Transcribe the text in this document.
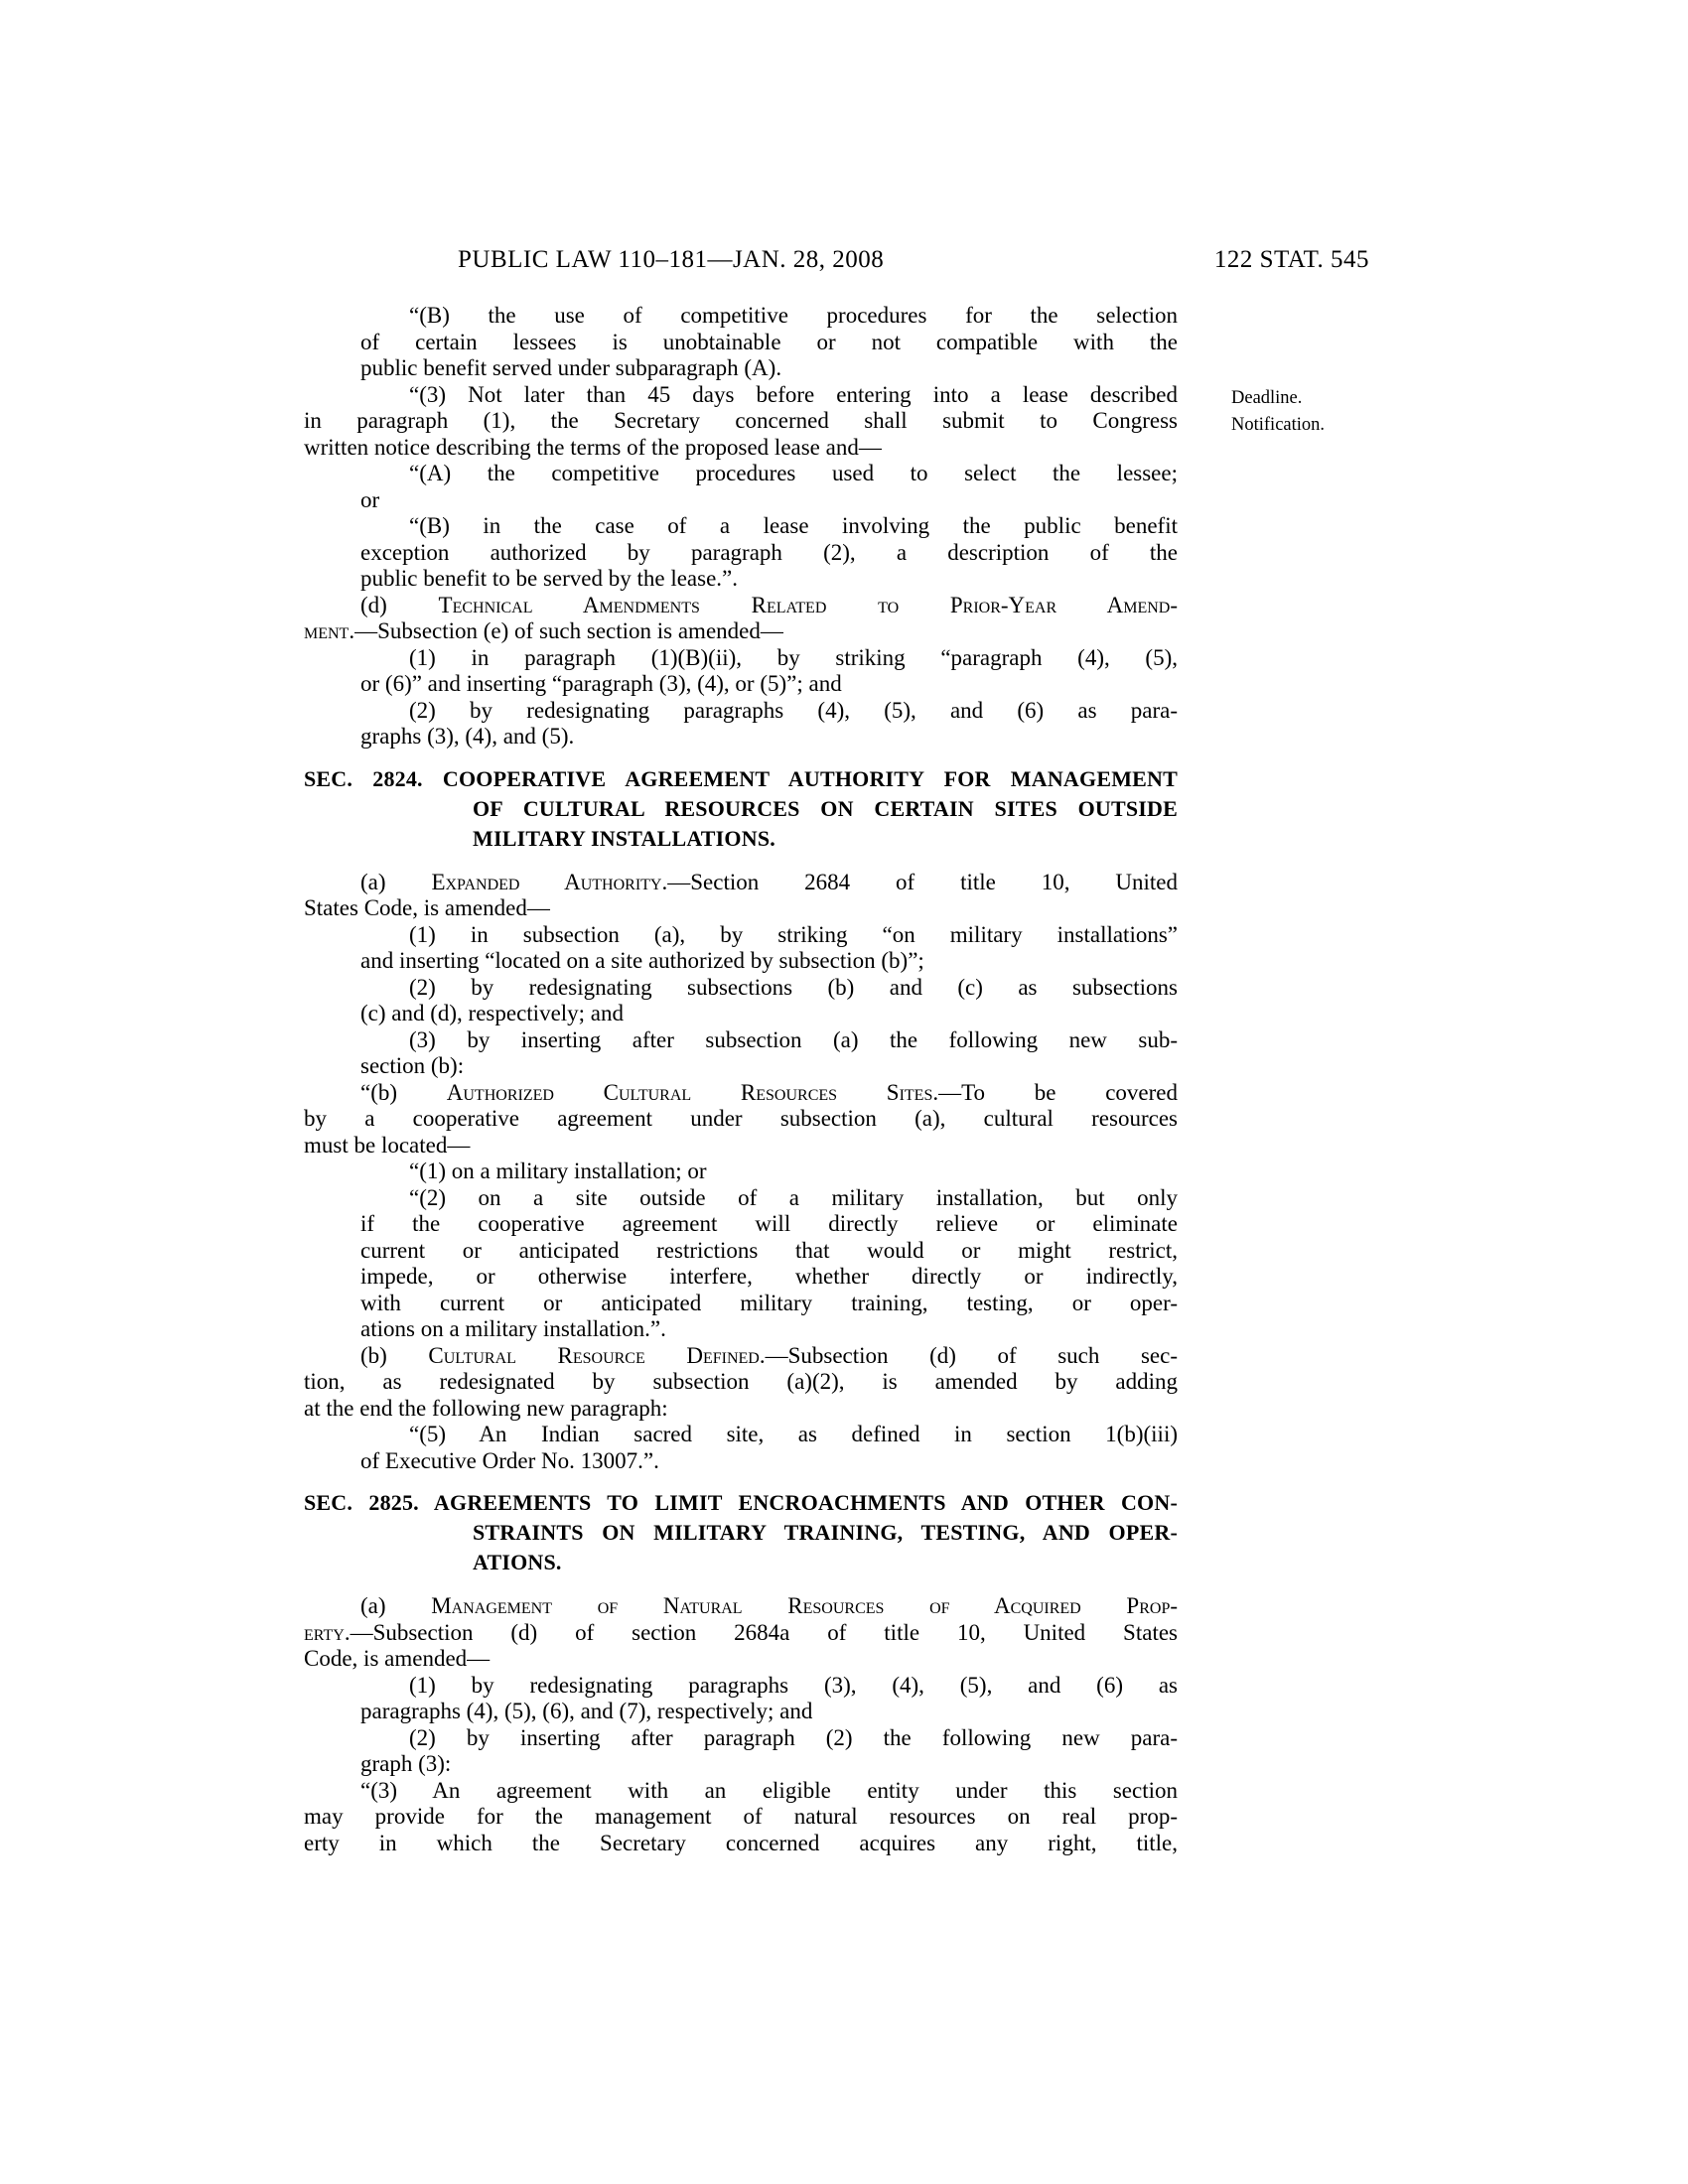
PUBLIC LAW 110–181—JAN. 28, 2008	122 STAT. 545
“(B) the use of competitive procedures for the selection
of certain lessees is unobtainable or not compatible with the
public benefit served under subparagraph (A).
“(3) Not later than 45 days before entering into a lease described
in paragraph (1), the Secretary concerned shall submit to Congress
written notice describing the terms of the proposed lease and—
“(A) the competitive procedures used to select the lessee;
or
“(B) in the case of a lease involving the public benefit
exception authorized by paragraph (2), a description of the
public benefit to be served by the lease.”.
(d) Technical Amendments Related to Prior-Year Amend-
ment.—Subsection (e) of such section is amended—
(1) in paragraph (1)(B)(ii), by striking “paragraph (4), (5),
or (6)” and inserting “paragraph (3), (4), or (5)”; and
(2) by redesignating paragraphs (4), (5), and (6) as para-
graphs (3), (4), and (5).
SEC. 2824. COOPERATIVE AGREEMENT AUTHORITY FOR MANAGEMENT
OF CULTURAL RESOURCES ON CERTAIN SITES OUTSIDE
MILITARY INSTALLATIONS.
(a) Expanded Authority.—Section 2684 of title 10, United
States Code, is amended—
(1) in subsection (a), by striking “on military installations”
and inserting “located on a site authorized by subsection (b)”;
(2) by redesignating subsections (b) and (c) as subsections
(c) and (d), respectively; and
(3) by inserting after subsection (a) the following new sub-
section (b):
“(b) Authorized Cultural Resources Sites.—To be covered
by a cooperative agreement under subsection (a), cultural resources
must be located—
“(1) on a military installation; or
“(2) on a site outside of a military installation, but only
if the cooperative agreement will directly relieve or eliminate
current or anticipated restrictions that would or might restrict,
impede, or otherwise interfere, whether directly or indirectly,
with current or anticipated military training, testing, or oper-
ations on a military installation.”.
(b) Cultural Resource Defined.—Subsection (d) of such sec-
tion, as redesignated by subsection (a)(2), is amended by adding
at the end the following new paragraph:
“(5) An Indian sacred site, as defined in section 1(b)(iii)
of Executive Order No. 13007.”.
SEC. 2825. AGREEMENTS TO LIMIT ENCROACHMENTS AND OTHER CON-
STRAINTS ON MILITARY TRAINING, TESTING, AND OPER-
ATIONS.
(a) Management of Natural Resources of Acquired Prop-
erty.—Subsection (d) of section 2684a of title 10, United States
Code, is amended—
(1) by redesignating paragraphs (3), (4), (5), and (6) as
paragraphs (4), (5), (6), and (7), respectively; and
(2) by inserting after paragraph (2) the following new para-
graph (3):
“(3) An agreement with an eligible entity under this section
may provide for the management of natural resources on real prop-
erty in which the Secretary concerned acquires any right, title,
Deadline.
Notification.
